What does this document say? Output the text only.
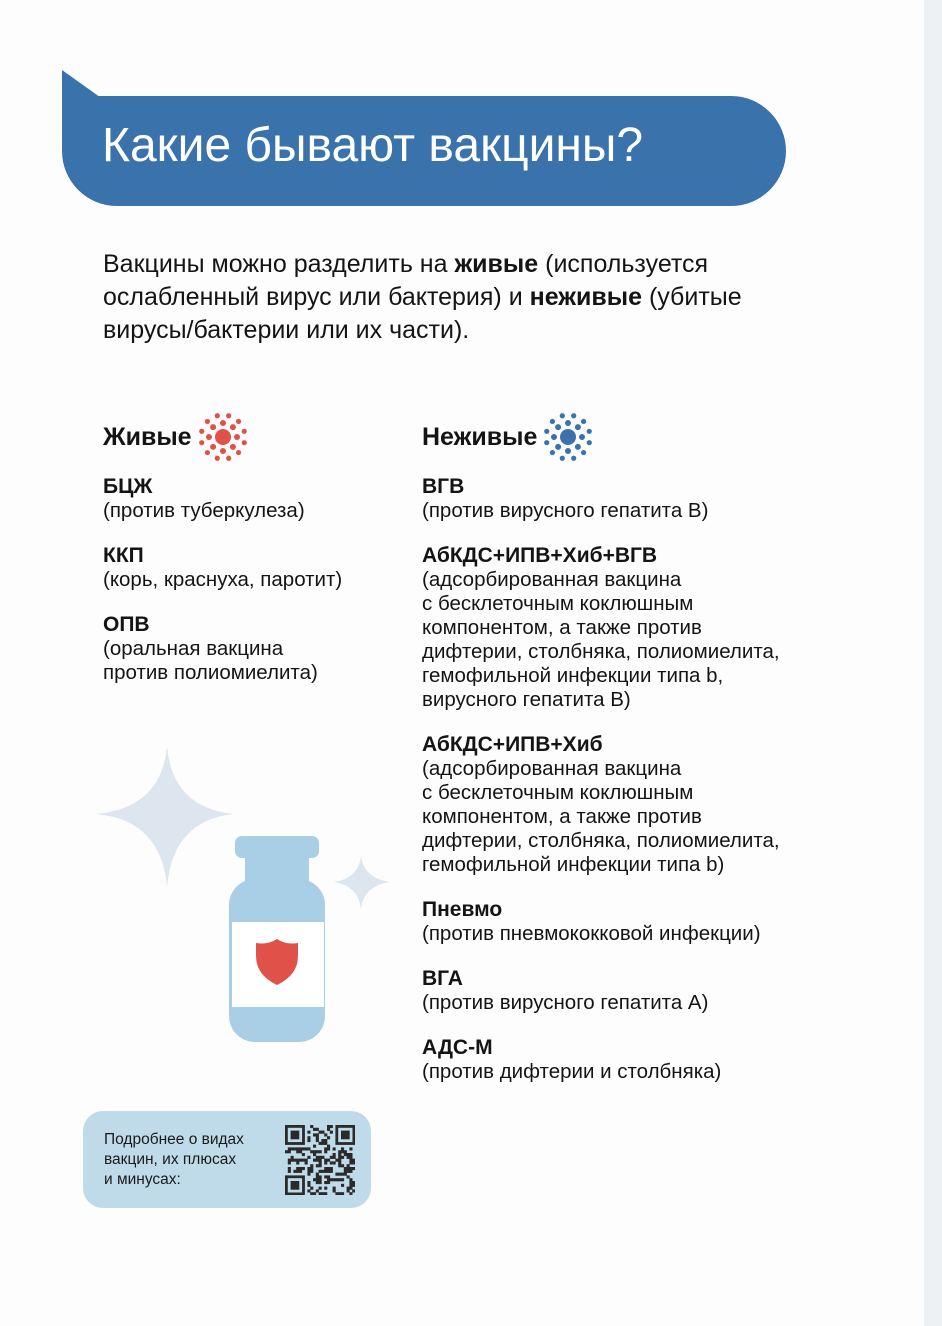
Какие бывают вакцины?

Вакцины можно разделить на живые (используется ослабленный вирус или бактерия) и неживые (убитые вирусы/бактерии или их части).

Живые	Неживые
БЦЖ
(против туберкулеза)
ККП
(корь, краснуха, паротит)
ОПВ
(оральная вакцина
против полиомиелита)
ВГВ
(против вирусного гепатита В)
АбКДС+ИПВ+Хиб+ВГВ
(адсорбированная вакцина
с бесклеточным коклюшным
компонентом, а также против
дифтерии, столбняка, полиомиелита,
гемофильной инфекции типа b,
вирусного гепатита В)
АбКДС+ИПВ+Хиб
(адсорбированная вакцина
с бесклеточным коклюшным
компонентом, а также против
дифтерии, столбняка, полиомиелита,
гемофильной инфекции типа b)
Пневмо
(против пневмококковой инфекции)
ВГА
(против вирусного гепатита А)
АДС-М
(против дифтерии и столбняка)
Подробнее о видах
вакцин, их плюсах
и минусах:
